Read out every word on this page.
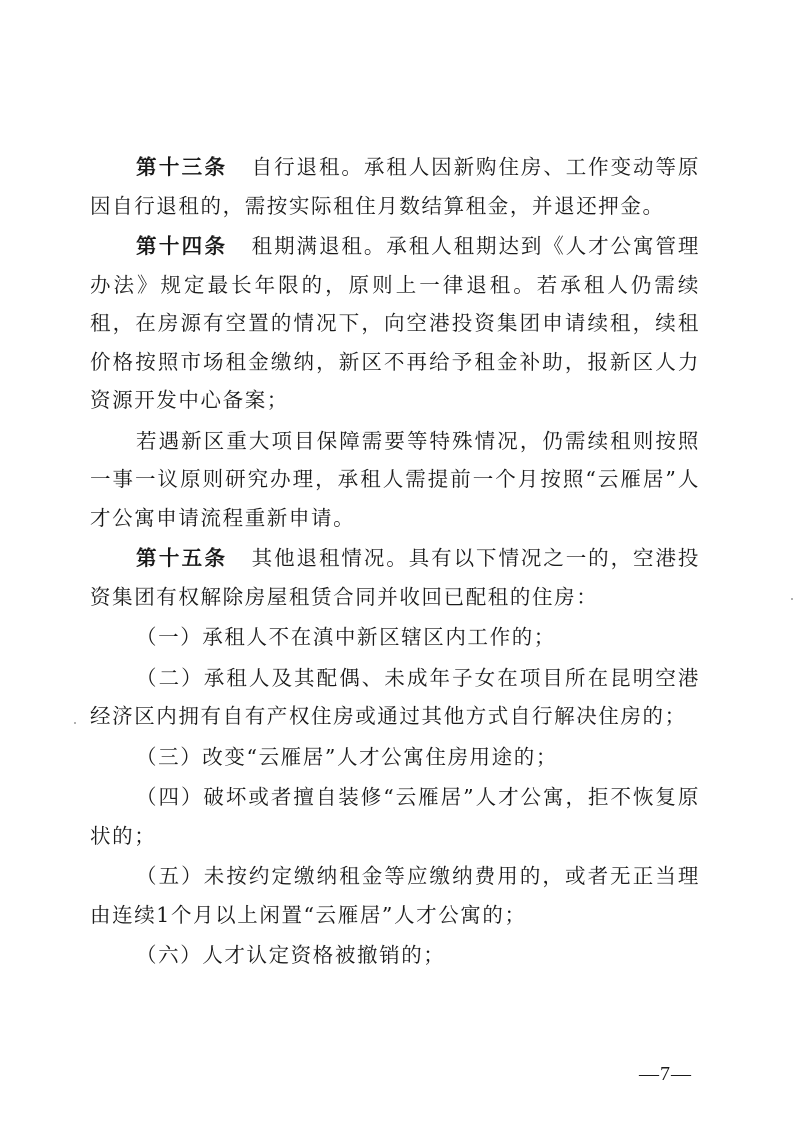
第十三条 自行退租。承租人因新购住房、工作变动等原因自行退租的，需按实际租住月数结算租金，并退还押金。

第十四条 租期满退租。承租人租期达到《人才公寓管理办法》规定最长年限的，原则上一律退租。若承租人仍需续租，在房源有空置的情况下，向空港投资集团申请续租，续租价格按照市场租金缴纳，新区不再给予租金补助，报新区人力资源开发中心备案；

若遇新区重大项目保障需要等特殊情况，仍需续租则按照一事一议原则研究办理，承租人需提前一个月按照“云雁居”人才公寓申请流程重新申请。

第十五条 其他退租情况。具有以下情况之一的，空港投资集团有权解除房屋租赁合同并收回已配租的住房：

（一）承租人不在滇中新区辖区内工作的；

（二）承租人及其配偶、未成年子女在项目所在昆明空港经济区内拥有自有产权住房或通过其他方式自行解决住房的；

（三）改变“云雁居”人才公寓住房用途的；

（四）破坏或者擅自装修“云雁居”人才公寓，拒不恢复原状的；

（五）未按约定缴纳租金等应缴纳费用的，或者无正当理由连续1个月以上闲置“云雁居”人才公寓的；

（六）人才认定资格被撤销的；

—7—
